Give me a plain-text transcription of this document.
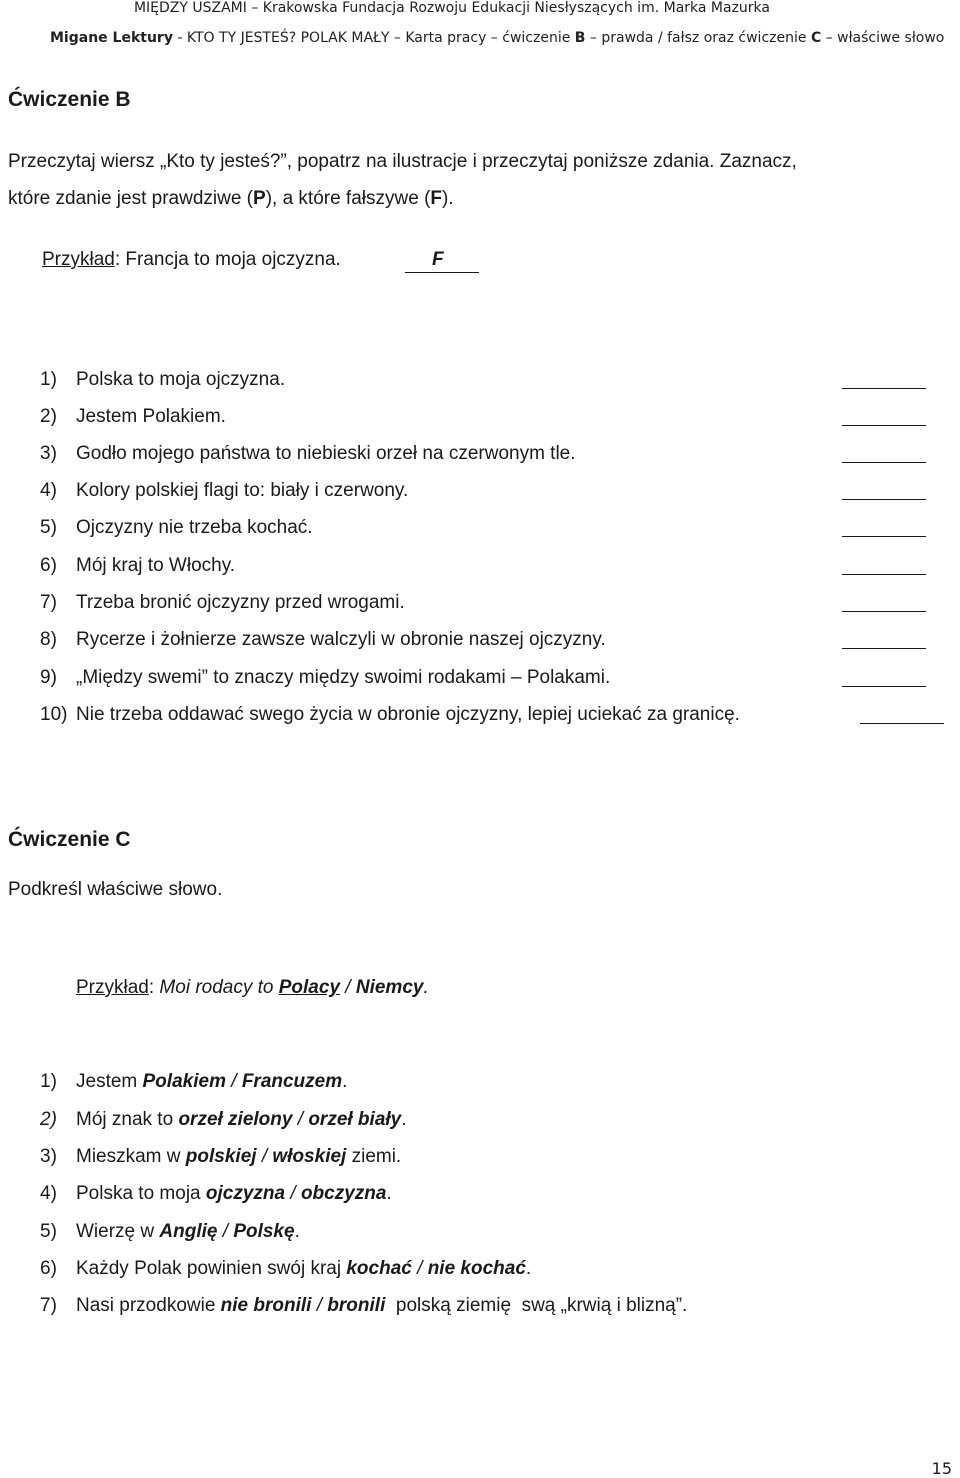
MIĘDZY USZAMI – Krakowska Fundacja Rozwoju Edukacji Niesłyszących im. Marka Mazurka
Migane Lektury - KTO TY JESTEŚ? POLAK MAŁY – Karta pracy – ćwiczenie B – prawda / fałsz oraz ćwiczenie C – właściwe słowo
Ćwiczenie B
Przeczytaj wiersz „Kto ty jesteś?”, popatrz na ilustracje i przeczytaj poniższe zdania. Zaznacz,
które zdanie jest prawdziwe (P), a które fałszywe (F).
Przykład: Francja to moja ojczyzna.	F
1) Polska to moja ojczyzna.
2) Jestem Polakiem.
3) Godło mojego państwa to niebieski orzeł na czerwonym tle.
4) Kolory polskiej flagi to: biały i czerwony.
5) Ojczyzny nie trzeba kochać.
6) Mój kraj to Włochy.
7) Trzeba bronić ojczyzny przed wrogami.
8) Rycerze i żołnierze zawsze walczyli w obronie naszej ojczyzny.
9) „Między swemi” to znaczy między swoimi rodakami – Polakami.
10) Nie trzeba oddawać swego życia w obronie ojczyzny, lepiej uciekać za granicę.
Ćwiczenie C
Podkreśl właściwe słowo.
Przykład: Moi rodacy to Polacy / Niemcy.
1) Jestem Polakiem / Francuzem.
2) Mój znak to orzeł zielony / orzeł biały.
3) Mieszkam w polskiej / włoskiej ziemi.
4) Polska to moja ojczyzna / obczyzna.
5) Wierzę w Anglię / Polskę.
6) Każdy Polak powinien swój kraj kochać / nie kochać.
7) Nasi przodkowie nie bronili / bronili  polską ziemię  swą „krwią i blizną”.
15
